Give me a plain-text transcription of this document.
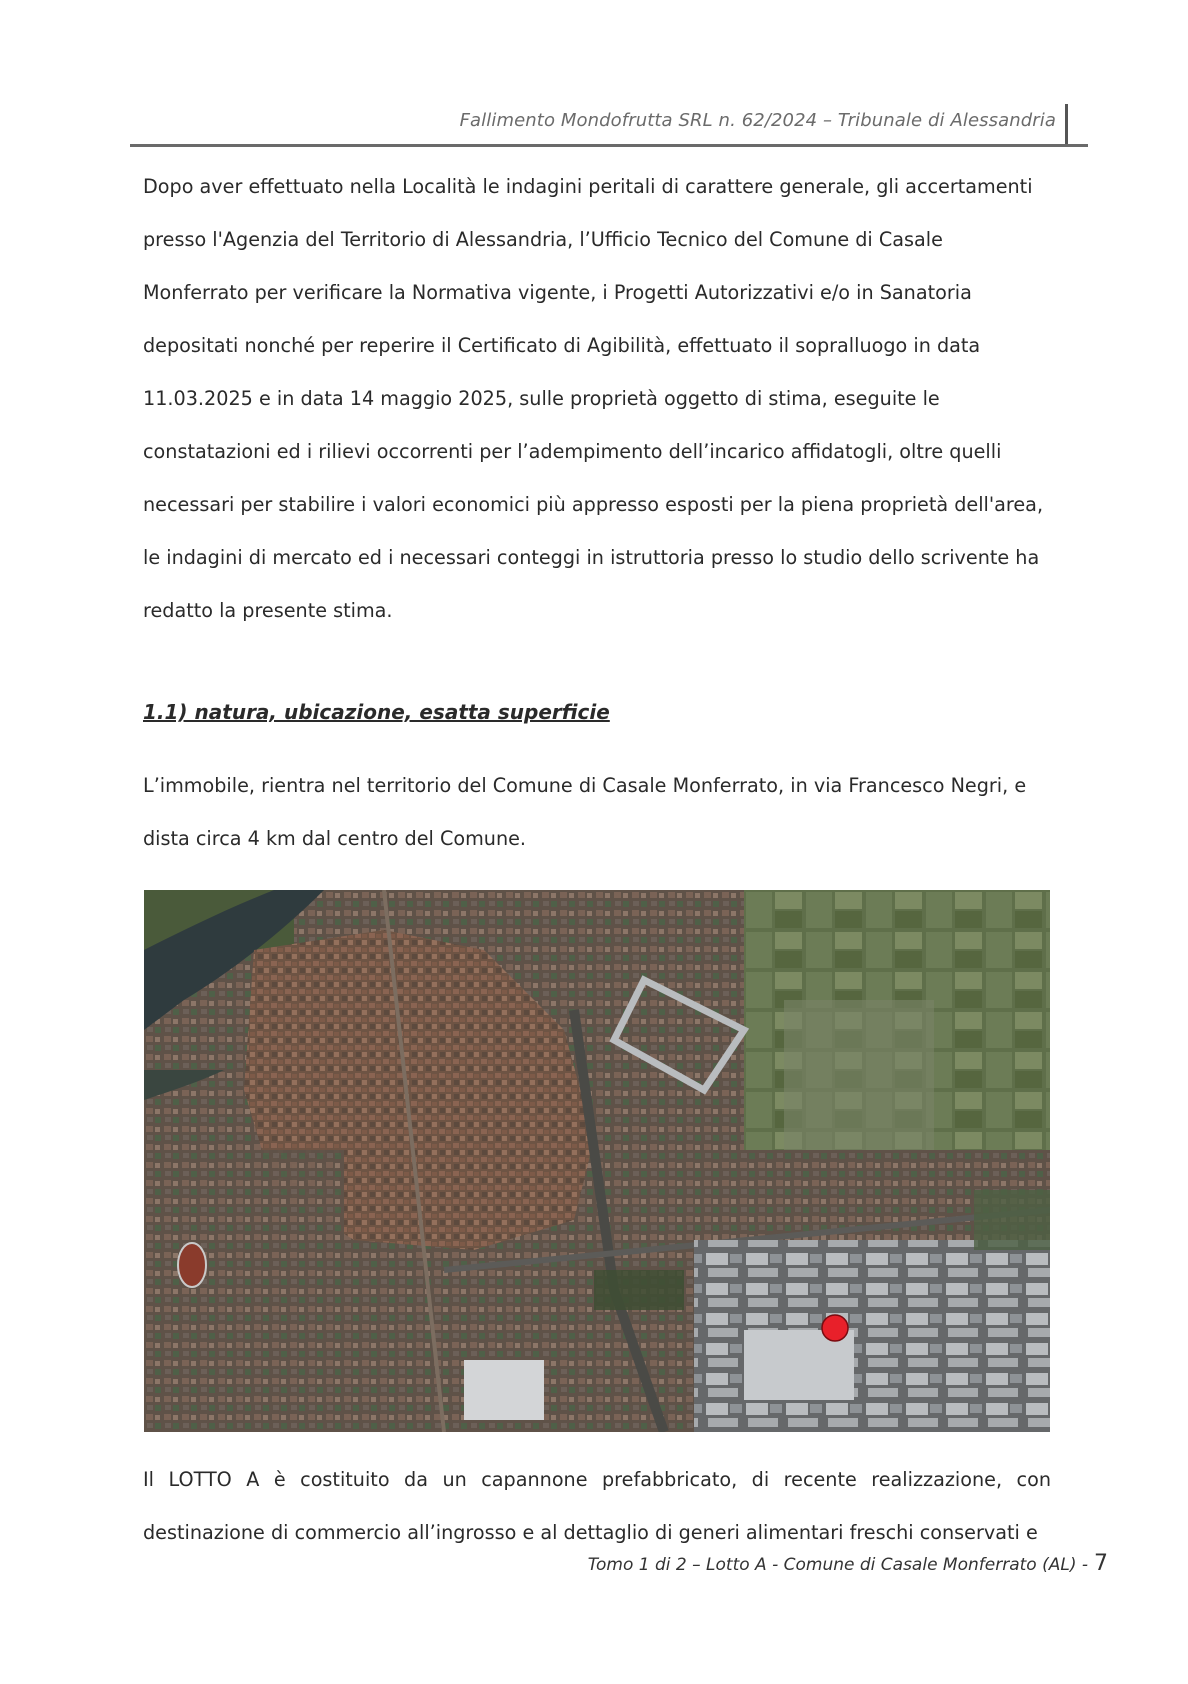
Fallimento Mondofrutta SRL n. 62/2024 – Tribunale di Alessandria
Dopo aver effettuato nella Località le indagini peritali di carattere generale, gli accertamenti
presso l'Agenzia del Territorio di Alessandria, l’Ufficio Tecnico del Comune di Casale
Monferrato per verificare la Normativa vigente, i Progetti Autorizzativi e/o in Sanatoria
depositati nonché per reperire il Certificato di Agibilità, effettuato il sopralluogo in data
11.03.2025 e in data 14 maggio 2025, sulle proprietà oggetto di stima, eseguite le
constatazioni ed i rilievi occorrenti per l’adempimento dell’incarico affidatogli, oltre quelli
necessari per stabilire i valori economici più appresso esposti per la piena proprietà dell'area,
le indagini di mercato ed i necessari conteggi in istruttoria presso lo studio dello scrivente ha
redatto la presente stima.
1.1) natura, ubicazione, esatta superficie
L’immobile, rientra nel territorio del Comune di Casale Monferrato, in via Francesco Negri, e
dista circa 4 km dal centro del Comune.
Il LOTTO A è costituito da un capannone prefabbricato, di recente realizzazione, con
destinazione di commercio all’ingrosso e al dettaglio di generi alimentari freschi conservati e
Tomo 1 di 2 – Lotto A - Comune di Casale Monferrato (AL) - 7
